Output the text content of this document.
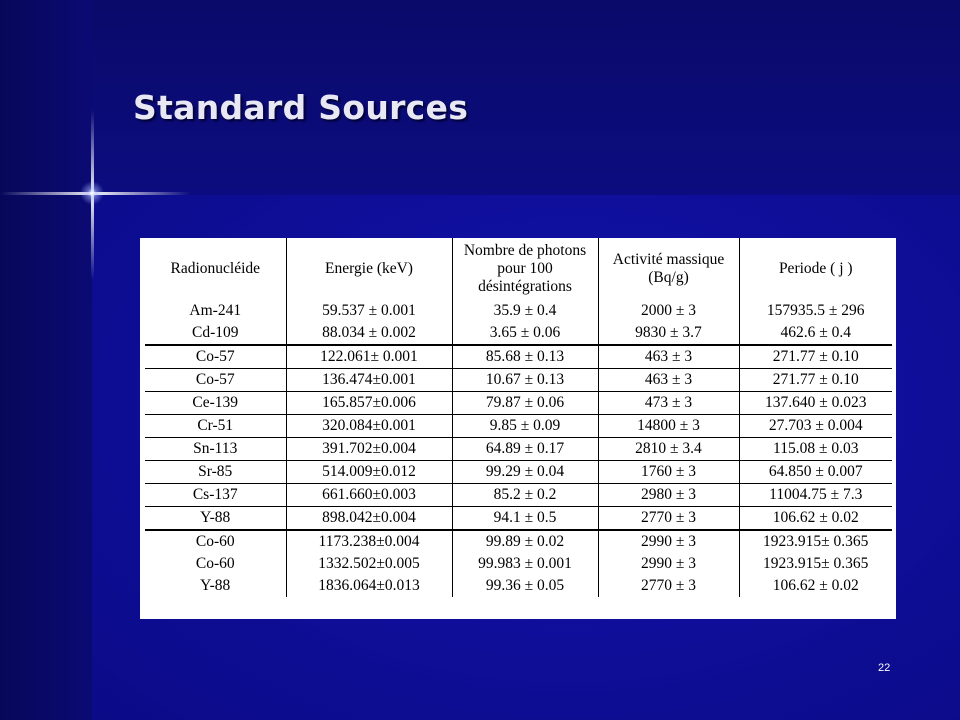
Standard Sources
Radionucléide	Energie (keV)	Nombre de photons pour 100 désintégrations	Activité massique (Bq/g)	Periode ( j )
Am-241	59.537 ± 0.001	35.9 ± 0.4	2000 ± 3	157935.5 ± 296
Cd-109	88.034 ± 0.002	3.65 ± 0.06	9830 ± 3.7	462.6 ± 0.4
Co-57	122.061± 0.001	85.68 ± 0.13	463 ± 3	271.77 ± 0.10
Co-57	136.474±0.001	10.67 ± 0.13	463 ± 3	271.77 ± 0.10
Ce-139	165.857±0.006	79.87 ± 0.06	473 ± 3	137.640 ± 0.023
Cr-51	320.084±0.001	9.85 ± 0.09	14800 ± 3	27.703 ± 0.004
Sn-113	391.702±0.004	64.89 ± 0.17	2810 ± 3.4	115.08 ± 0.03
Sr-85	514.009±0.012	99.29 ± 0.04	1760 ± 3	64.850 ± 0.007
Cs-137	661.660±0.003	85.2 ± 0.2	2980 ± 3	11004.75 ± 7.3
Y-88	898.042±0.004	94.1 ± 0.5	2770 ± 3	106.62 ± 0.02
Co-60	1173.238±0.004	99.89 ± 0.02	2990 ± 3	1923.915± 0.365
Co-60	1332.502±0.005	99.983 ± 0.001	2990 ± 3	1923.915± 0.365
Y-88	1836.064±0.013	99.36 ± 0.05	2770 ± 3	106.62 ± 0.02
22
